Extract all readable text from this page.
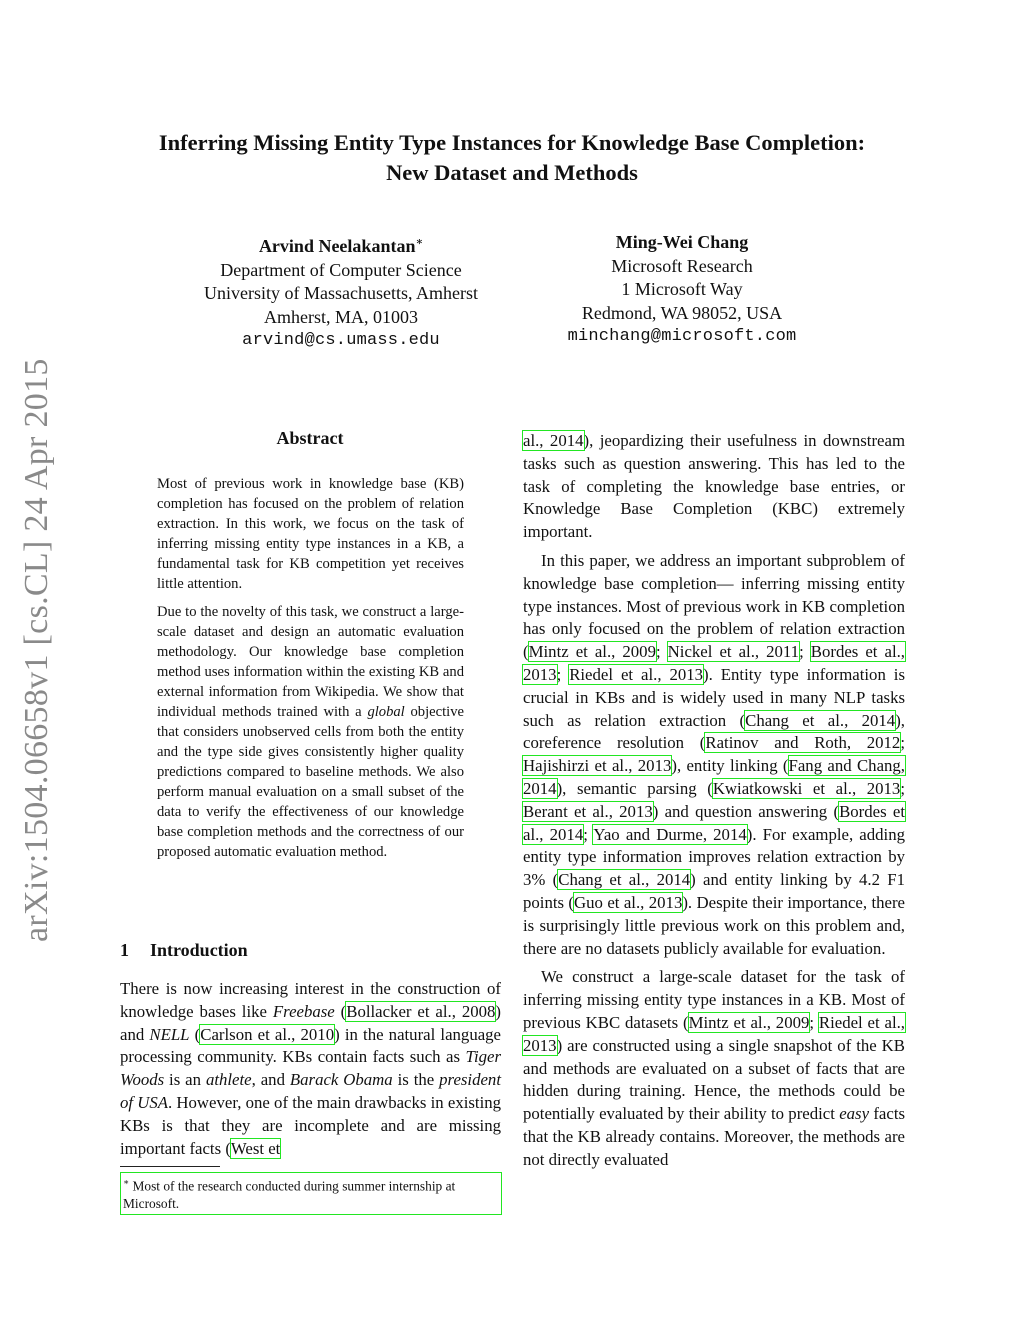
arXiv:1504.06658v1 [cs.CL] 24 Apr 2015
Inferring Missing Entity Type Instances for Knowledge Base Completion:
New Dataset and Methods
Arvind Neelakantan∗
Department of Computer Science
University of Massachusetts, Amherst
Amherst, MA, 01003
arvind@cs.umass.edu
Ming-Wei Chang
Microsoft Research
1 Microsoft Way
Redmond, WA 98052, USA
minchang@microsoft.com
Abstract

Most of previous work in knowledge base (KB) completion has focused on the problem of relation extraction. In this work, we focus on the task of inferring missing entity type instances in a KB, a fundamental task for KB competition yet receives little attention.

Due to the novelty of this task, we construct a large-scale dataset and design an automatic evaluation methodology. Our knowledge base completion method uses information within the existing KB and external information from Wikipedia. We show that individual methods trained with a global objective that considers unobserved cells from both the entity and the type side gives consistently higher quality predictions compared to baseline methods. We also perform manual evaluation on a small subset of the data to verify the effectiveness of our knowledge base completion methods and the correctness of our proposed automatic evaluation method.

1 Introduction
There is now increasing interest in the construction of knowledge bases like Freebase (Bollacker et al., 2008) and NELL (Carlson et al., 2010) in the natural language processing community. KBs contain facts such as Tiger Woods is an athlete, and Barack Obama is the president of USA. However, one of the main drawbacks in existing KBs is that they are incomplete and are missing important facts (West et
∗ Most of the research conducted during summer internship at Microsoft.

al., 2014), jeopardizing their usefulness in downstream tasks such as question answering. This has led to the task of completing the knowledge base entries, or Knowledge Base Completion (KBC) extremely important.

In this paper, we address an important subproblem of knowledge base completion— inferring missing entity type instances. Most of previous work in KB completion has only focused on the problem of relation extraction (Mintz et al., 2009; Nickel et al., 2011; Bordes et al., 2013; Riedel et al., 2013). Entity type information is crucial in KBs and is widely used in many NLP tasks such as relation extraction (Chang et al., 2014), coreference resolution (Ratinov and Roth, 2012; Hajishirzi et al., 2013), entity linking (Fang and Chang, 2014), semantic parsing (Kwiatkowski et al., 2013; Berant et al., 2013) and question answering (Bordes et al., 2014; Yao and Durme, 2014). For example, adding entity type information improves relation extraction by 3% (Chang et al., 2014) and entity linking by 4.2 F1 points (Guo et al., 2013). Despite their importance, there is surprisingly little previous work on this problem and, there are no datasets publicly available for evaluation.

We construct a large-scale dataset for the task of inferring missing entity type instances in a KB. Most of previous KBC datasets (Mintz et al., 2009; Riedel et al., 2013) are constructed using a single snapshot of the KB and methods are evaluated on a subset of facts that are hidden during training. Hence, the methods could be potentially evaluated by their ability to predict easy facts that the KB already contains. Moreover, the methods are not directly evaluated
